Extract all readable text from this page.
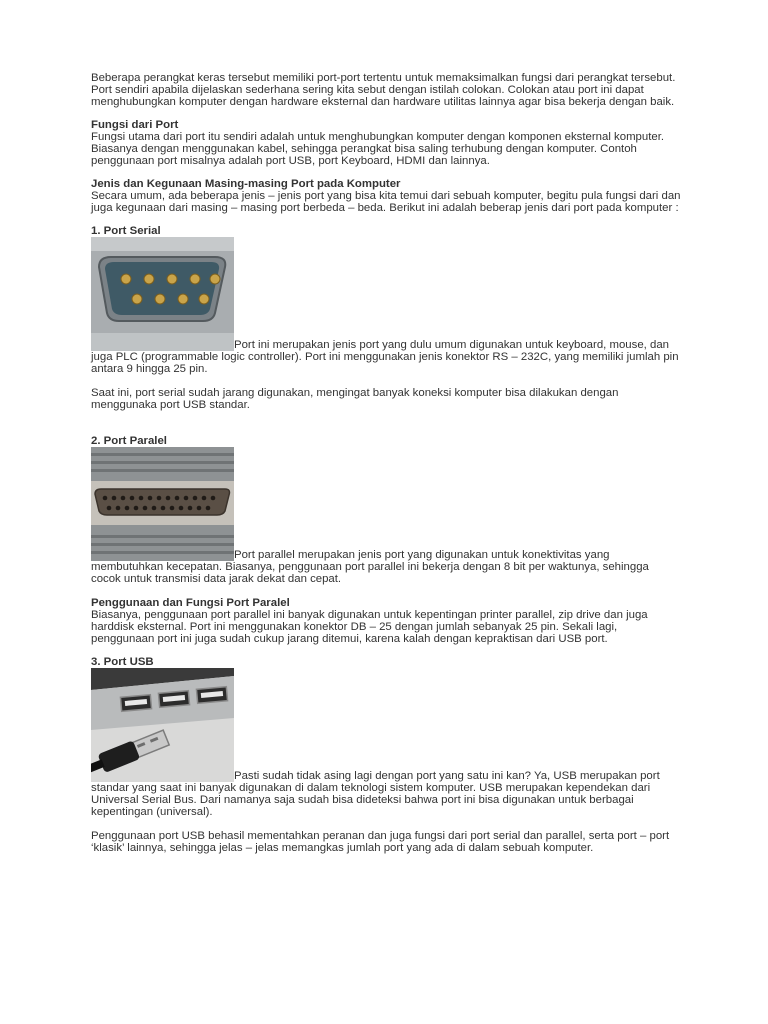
Beberapa perangkat keras tersebut memiliki port-port tertentu untuk memaksimalkan fungsi dari perangkat tersebut. Port sendiri apabila dijelaskan sederhana sering kita sebut dengan istilah colokan. Colokan atau port ini dapat menghubungkan komputer dengan hardware eksternal dan hardware utilitas lainnya agar bisa bekerja dengan baik.

Fungsi dari Port

Fungsi utama dari port itu sendiri adalah untuk menghubungkan komputer dengan komponen eksternal komputer. Biasanya dengan menggunakan kabel, sehingga perangkat bisa saling terhubung dengan komputer. Contoh penggunaan port misalnya adalah port USB, port Keyboard, HDMI dan lainnya.

Jenis dan Kegunaan Masing-masing Port pada Komputer

Secara umum, ada beberapa jenis – jenis port yang bisa kita temui dari sebuah komputer, begitu pula fungsi dari dan juga kegunaan dari masing – masing port berbeda – beda. Berikut ini adalah beberap jenis dari port pada komputer :

1. Port Serial

Port ini merupakan jenis port yang dulu umum digunakan untuk keyboard, mouse, dan juga PLC (programmable logic controller). Port ini menggunakan jenis konektor RS – 232C, yang memiliki jumlah pin antara 9 hingga 25 pin.

Saat ini, port serial sudah jarang digunakan, mengingat banyak koneksi komputer bisa dilakukan dengan menggunaka port USB standar.

2. Port Paralel

Port parallel merupakan jenis port yang digunakan untuk konektivitas yang membutuhkan kecepatan. Biasanya, penggunaan port parallel ini bekerja dengan 8 bit per waktunya, sehingga cocok untuk transmisi data jarak dekat dan cepat.

Penggunaan dan Fungsi Port Paralel

Biasanya, penggunaan port parallel ini banyak digunakan untuk kepentingan printer parallel, zip drive dan juga harddisk eksternal. Port ini menggunakan konektor DB – 25 dengan jumlah sebanyak 25 pin. Sekali lagi, penggunaan port ini juga sudah cukup jarang ditemui, karena kalah dengan kepraktisan dari USB port.

3. Port USB

Pasti sudah tidak asing lagi dengan port yang satu ini kan? Ya, USB merupakan port standar yang saat ini banyak digunakan di dalam teknologi sistem komputer. USB merupakan kependekan dari Universal Serial Bus. Dari namanya saja sudah bisa dideteksi bahwa port ini bisa digunakan untuk berbagai kepentingan (universal).

Penggunaan port USB behasil mementahkan peranan dan juga fungsi dari port serial dan parallel, serta port – port ‘klasik’ lainnya, sehingga jelas – jelas memangkas jumlah port yang ada di dalam sebuah komputer.
